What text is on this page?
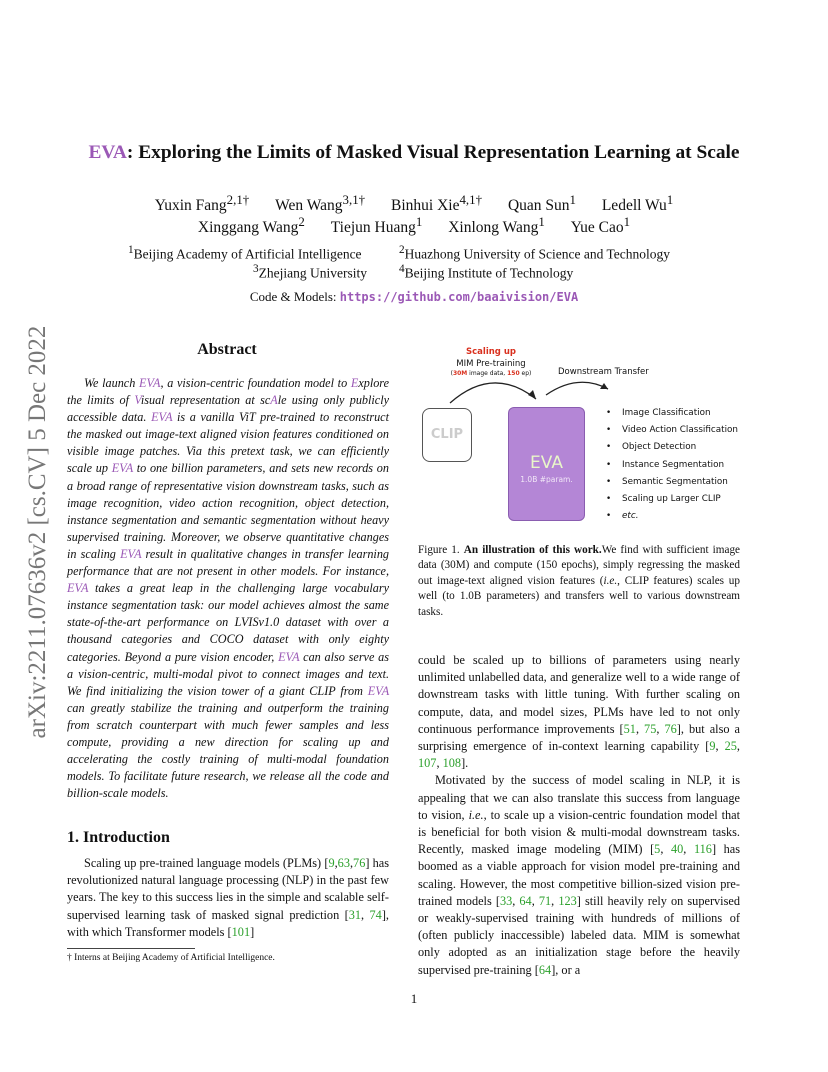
arXiv:2211.07636v2 [cs.CV] 5 Dec 2022
EVA: Exploring the Limits of Masked Visual Representation Learning at Scale
Yuxin Fang$^{2,1\dagger}$ Wen Wang$^{3,1\dagger}$ Binhui Xie$^{4,1\dagger}$ Quan Sun$^1$ Ledell Wu$^1$
Xinggang Wang$^2$ Tiejun Huang$^1$ Xinlong Wang$^1$ Yue Cao$^1$
$^1$Beijing Academy of Artificial Intelligence	$^2$Huazhong University of Science and Technology
$^3$Zhejiang University	$^4$Beijing Institute of Technology
Code & Models: https://github.com/baaivision/EVA
Abstract

We launch EVA, a vision-centric foundation model to Explore the limits of Visual representation at scAle using only publicly accessible data. EVA is a vanilla ViT pre-trained to reconstruct the masked out image-text aligned vision features conditioned on visible image patches. Via this pretext task, we can efficiently scale up EVA to one billion parameters, and sets new records on a broad range of representative vision downstream tasks, such as image recognition, video action recognition, object detection, instance segmentation and semantic segmentation without heavy supervised training. Moreover, we observe quantitative changes in scaling EVA result in qualitative changes in transfer learning performance that are not present in other models. For instance, EVA takes a great leap in the challenging large vocabulary instance segmentation task: our model achieves almost the same state-of-the-art performance on LVISv1.0 dataset with over a thousand categories and COCO dataset with only eighty categories. Beyond a pure vision encoder, EVA can also serve as a vision-centric, multi-modal pivot to connect images and text. We find initializing the vision tower of a giant CLIP from EVA can greatly stabilize the training and outperform the training from scratch counterpart with much fewer samples and less compute, providing a new direction for scaling up and accelerating the costly training of multi-modal foundation models. To facilitate future research, we release all the code and billion-scale models.

1. Introduction

Scaling up pre-trained language models (PLMs) [9,63,76] has revolutionized natural language processing (NLP) in the past few years. The key to this success lies in the simple and scalable self-supervised learning task of masked signal prediction [31, 74], with which Transformer models [101]

† Interns at Beijing Academy of Artificial Intelligence.
Scaling up
MIM Pre-training
(30M image data, 150 ep)	Downstream Transfer
CLIP
EVA
1.0B #param.
• Image Classification
• Video Action Classification
• Object Detection
• Instance Segmentation
• Semantic Segmentation
• Scaling up Larger CLIP
• etc.
Figure 1. An illustration of this work.We find with sufficient image data (30M) and compute (150 epochs), simply regressing the masked out image-text aligned vision features (i.e., CLIP features) scales up well (to 1.0B parameters) and transfers well to various downstream tasks.

could be scaled up to billions of parameters using nearly unlimited unlabelled data, and generalize well to a wide range of downstream tasks with little tuning. With further scaling on compute, data, and model sizes, PLMs have led to not only continuous performance improvements [51, 75, 76], but also a surprising emergence of in-context learning capability [9, 25, 107, 108].

Motivated by the success of model scaling in NLP, it is appealing that we can also translate this success from language to vision, i.e., to scale up a vision-centric foundation model that is beneficial for both vision & multi-modal downstream tasks. Recently, masked image modeling (MIM) [5, 40, 116] has boomed as a viable approach for vision model pre-training and scaling. However, the most competitive billion-sized vision pre-trained models [33, 64, 71, 123] still heavily rely on supervised or weakly-supervised training with hundreds of millions of (often publicly inaccessible) labeled data. MIM is somewhat only adopted as an initialization stage before the heavily supervised pre-training [64], or a

1
